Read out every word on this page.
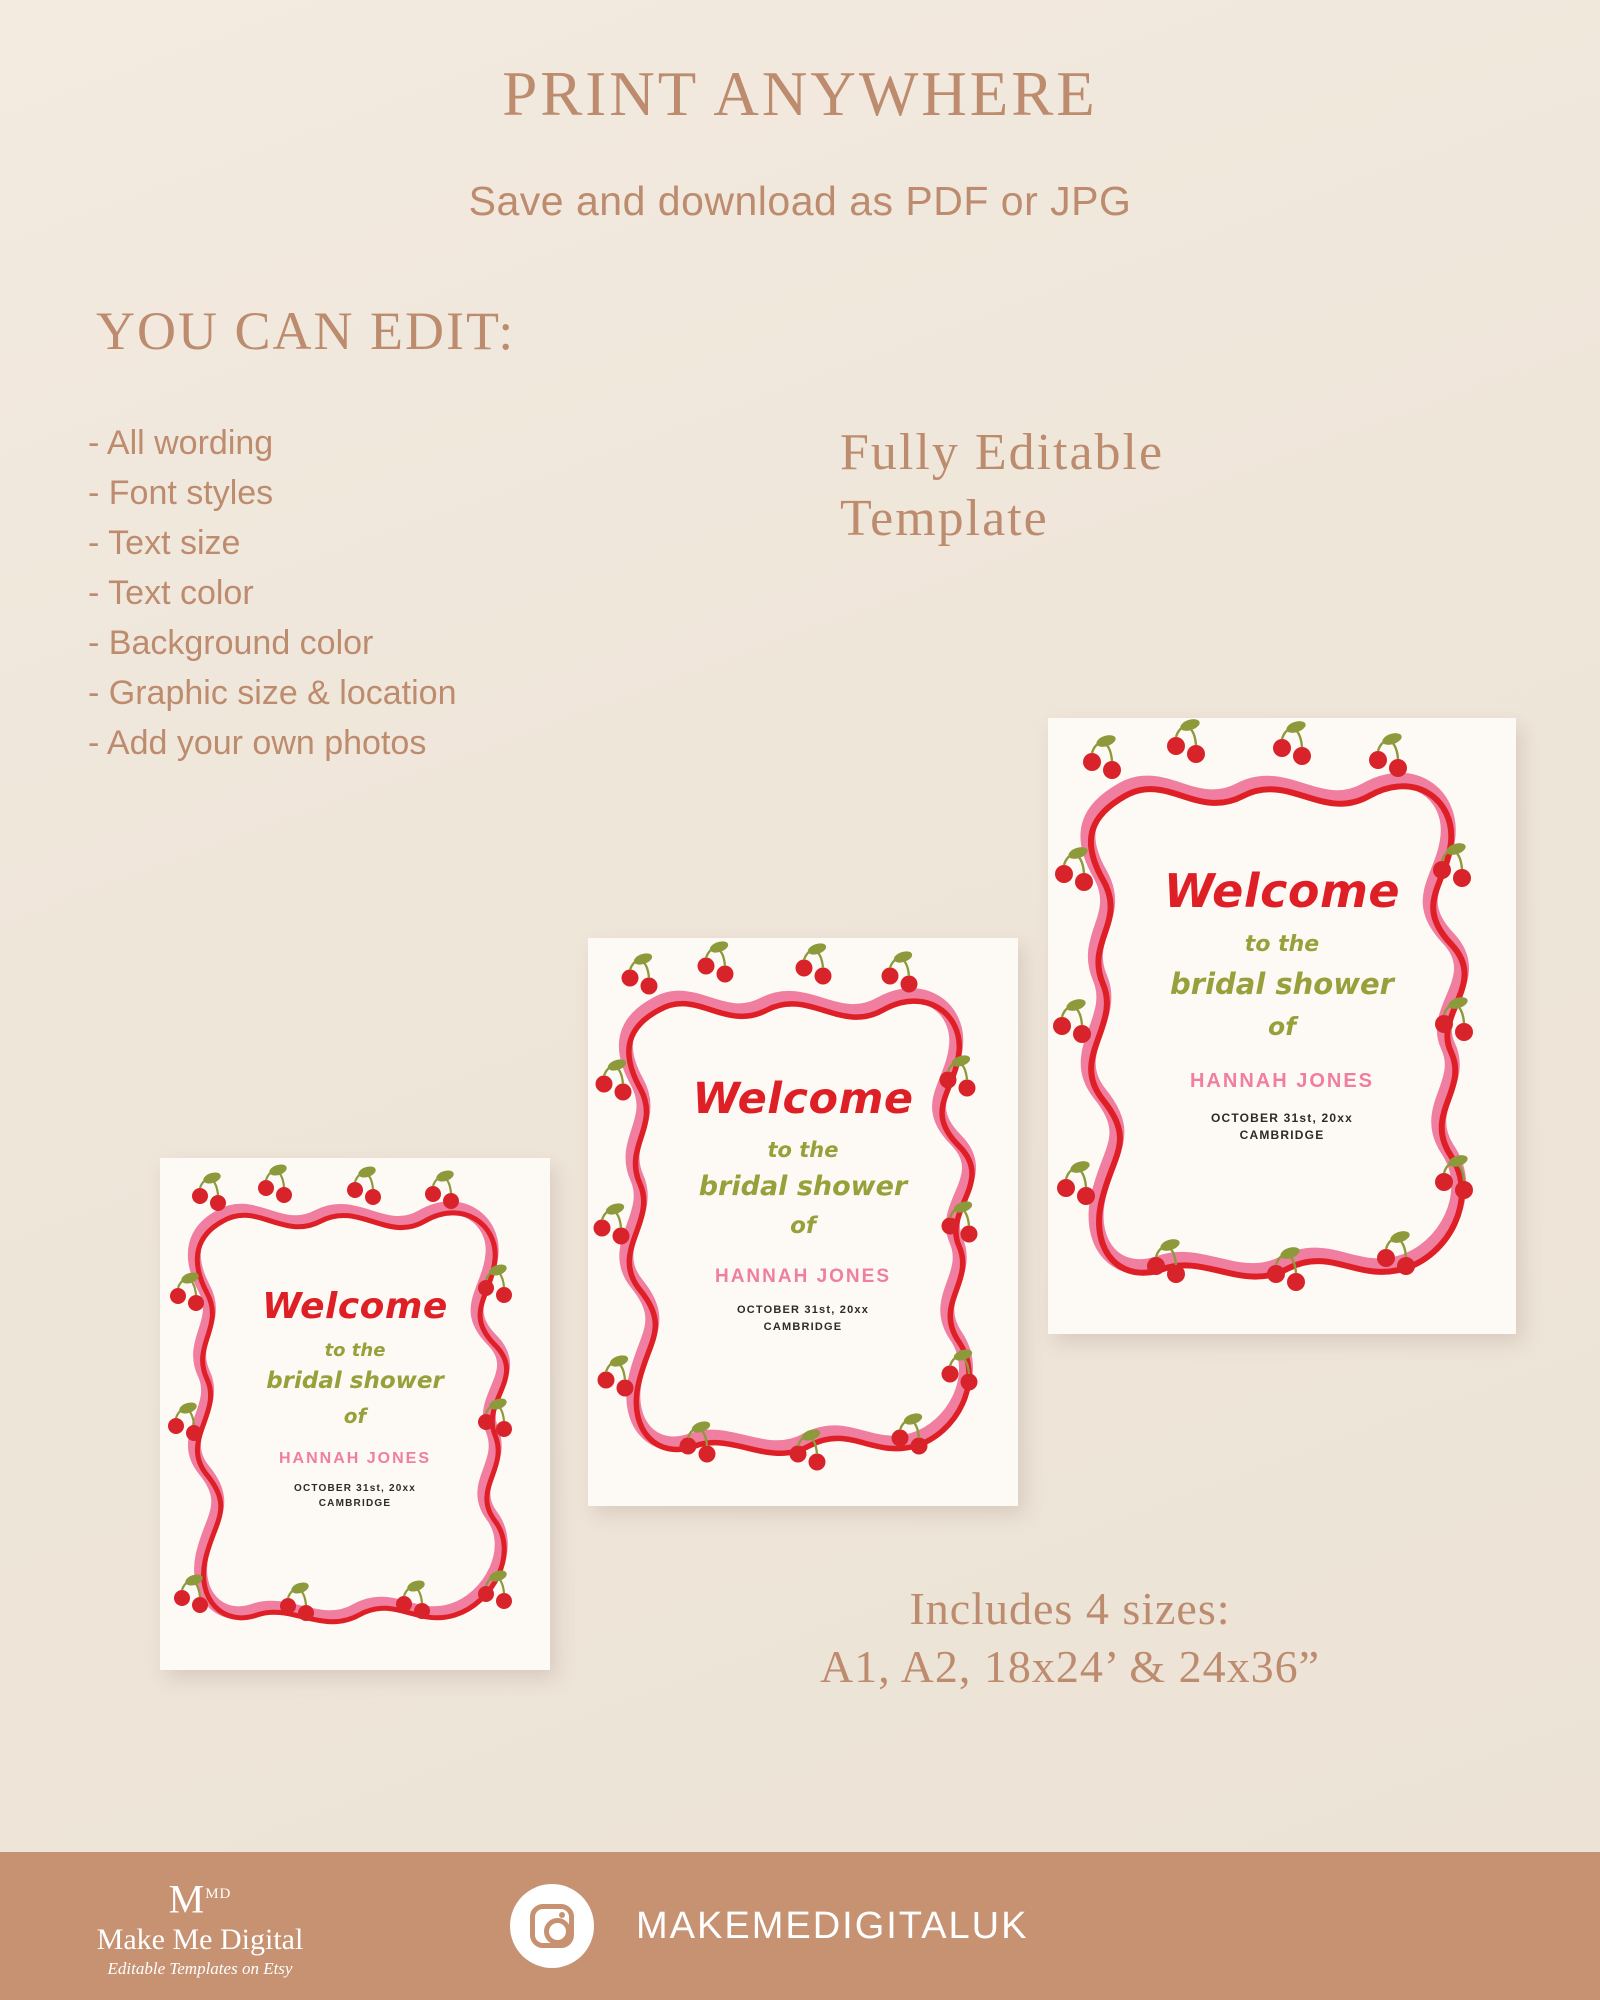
PRINT ANYWHERE
Save and download as PDF or JPG
YOU CAN EDIT:
- All wording
- Font styles
- Text size
- Text color
- Background color
- Graphic size & location
- Add your own photos
Fully Editable
Template
Includes 4 sizes:
A1, A2, 18x24’ & 24x36”
Welcome
to the
bridal shower
of
HANNAH JONES
OCTOBER 31st, 20xx
CAMBRIDGE
Welcome
to the
bridal shower
of
HANNAH JONES
OCTOBER 31st, 20xx
CAMBRIDGE
Welcome
to the
bridal shower
of
HANNAH JONES
OCTOBER 31st, 20xx
CAMBRIDGE
$M^{MD}$
Make Me Digital
Editable Templates on Etsy
MAKEMEDIGITALUK
